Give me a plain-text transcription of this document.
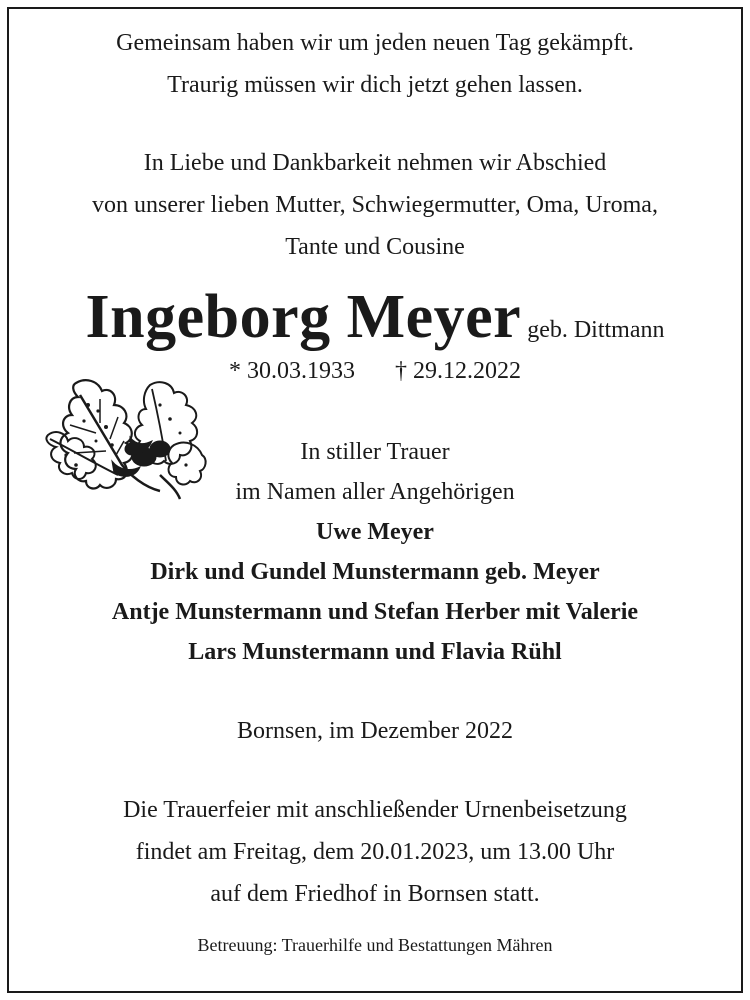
Gemeinsam haben wir um jeden neuen Tag gekämpft.
Traurig müssen wir dich jetzt gehen lassen.
In Liebe und Dankbarkeit nehmen wir Abschied
von unserer lieben Mutter, Schwiegermutter, Oma, Uroma,
Tante und Cousine
Ingeborg Meyer geb. Dittmann
* 30.03.1933 † 29.12.2022
In stiller Trauer
im Namen aller Angehörigen
Uwe Meyer
Dirk und Gundel Munstermann geb. Meyer
Antje Munstermann und Stefan Herber mit Valerie
Lars Munstermann und Flavia Rühl
Bornsen, im Dezember 2022
Die Trauerfeier mit anschließender Urnenbeisetzung
findet am Freitag, dem 20.01.2023, um 13.00 Uhr
auf dem Friedhof in Bornsen statt.
Betreuung: Trauerhilfe und Bestattungen Mähren
